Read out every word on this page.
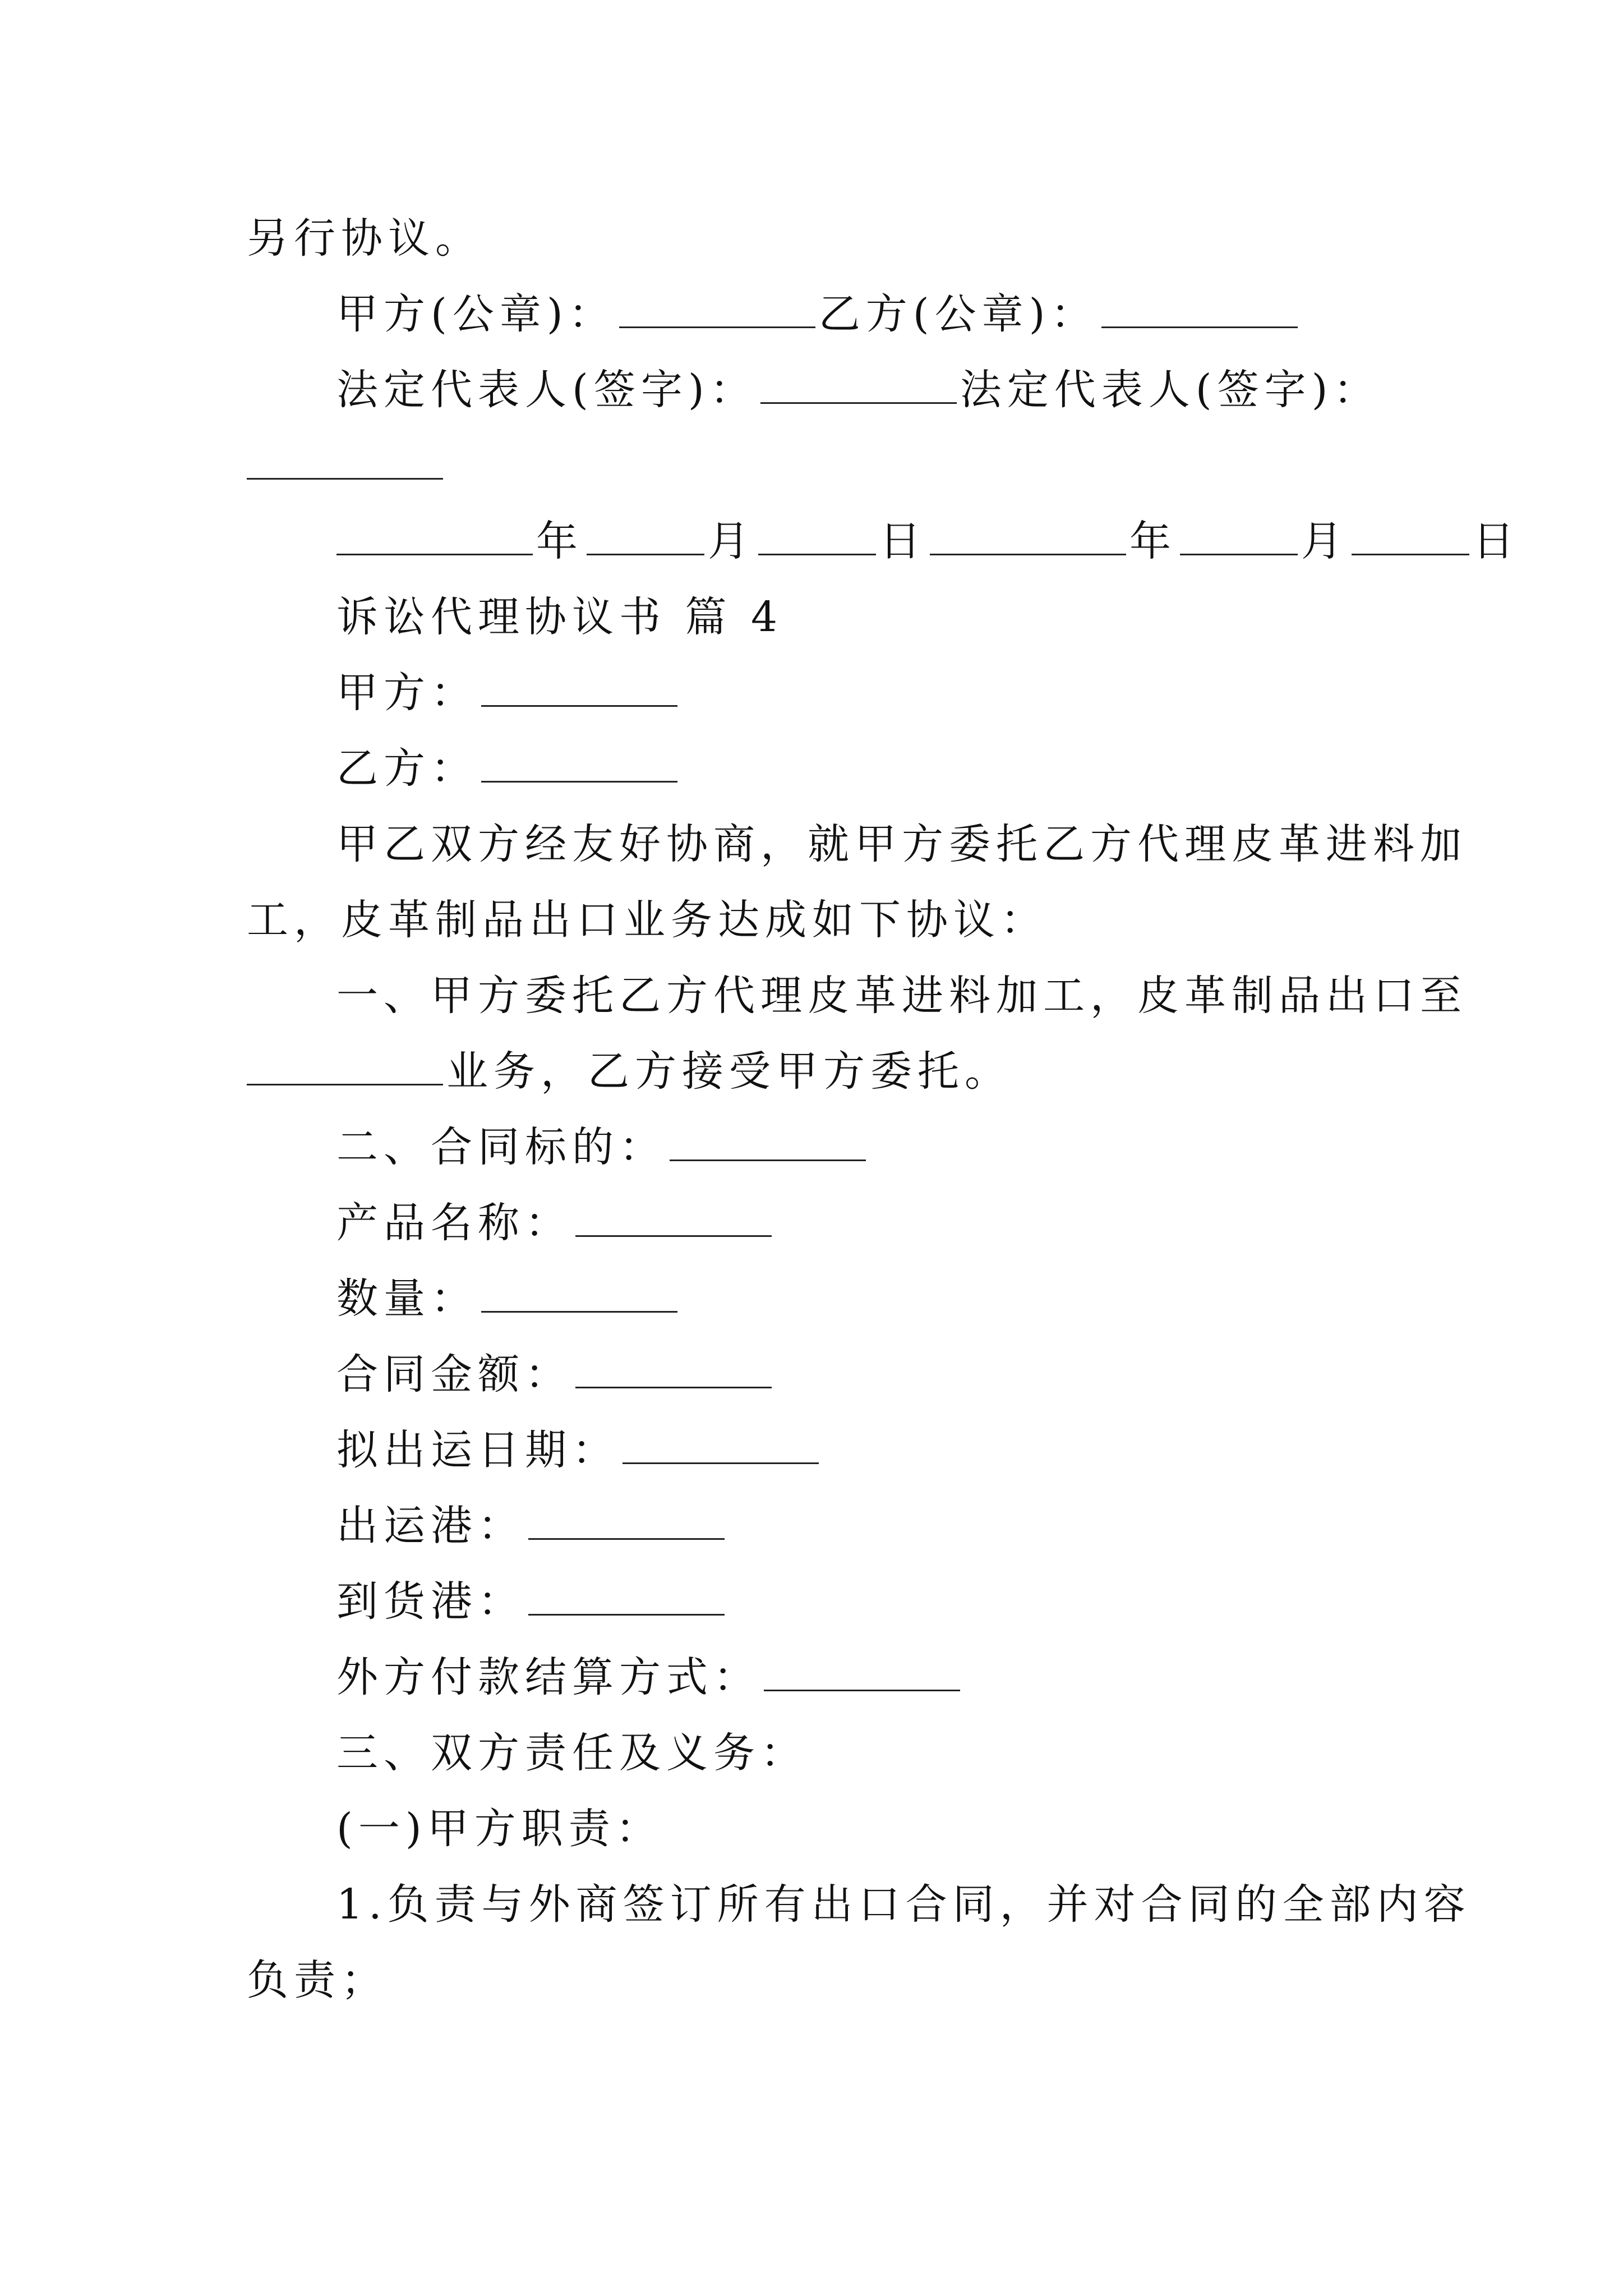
另行协议。
甲方(公章)：	乙方(公章)：
法定代表人(签字)：	法定代表人(签字)：
年	月	日	年	月	日
诉讼代理协议书 篇 4
甲方：
乙方：
甲乙双方经友好协商，就甲方委托乙方代理皮革进料加
工，皮革制品出口业务达成如下协议：
一、甲方委托乙方代理皮革进料加工，皮革制品出口至
业务，乙方接受甲方委托。
二、合同标的：
产品名称：
数量：
合同金额：
拟出运日期：
出运港：
到货港：
外方付款结算方式：
三、双方责任及义务：
(一)甲方职责：
1.负责与外商签订所有出口合同，并对合同的全部内容
负责；
